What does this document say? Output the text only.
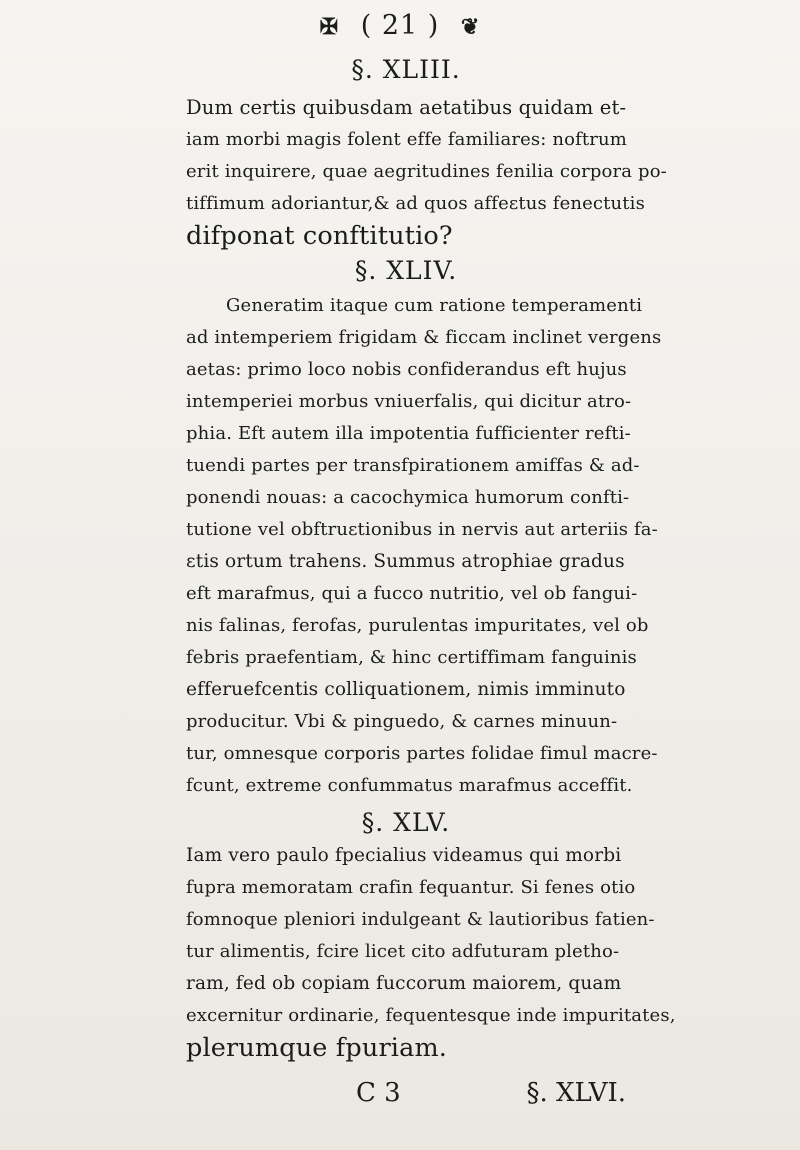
✠ ( 21 ) ❦
§. XLIII.
Dum certis quibusdam aetatibus quidam et-
iam morbi magis folent effe familiares: noftrum
erit inquirere, quae aegritudines fenilia corpora po-
tiffimum adoriantur,& ad quos affeɛtus fenectutis
difponat conftitutio?
§. XLIV.
Generatim itaque cum ratione temperamenti
ad intemperiem frigidam & ficcam inclinet vergens
aetas: primo loco nobis confiderandus eft hujus
intemperiei morbus vniuerfalis, qui dicitur atro-
phia. Eft autem illa impotentia fufficienter refti-
tuendi partes per transfpirationem amiffas & ad-
ponendi nouas: a cacochymica humorum confti-
tutione vel obftruɛtionibus in nervis aut arteriis fa-
ɛtis ortum trahens. Summus atrophiae gradus
eft marafmus, qui a fucco nutritio, vel ob fangui-
nis falinas, ferofas, purulentas impuritates, vel ob
febris praefentiam, & hinc certiffimam fanguinis
efferuefcentis colliquationem, nimis imminuto
producitur. Vbi & pinguedo, & carnes minuun-
tur, omnesque corporis partes folidae fimul macre-
fcunt, extreme confummatus marafmus acceffit.
§. XLV.
Iam vero paulo fpecialius videamus qui morbi
fupra memoratam crafin fequantur. Si fenes otio
fomnoque pleniori indulgeant & lautioribus fatien-
tur alimentis, fcire licet cito adfuturam pletho-
ram, fed ob copiam fuccorum maiorem, quam
excernitur ordinarie, fequentesque inde impuritates,
plerumque fpuriam.
C 3	§. XLVI.
